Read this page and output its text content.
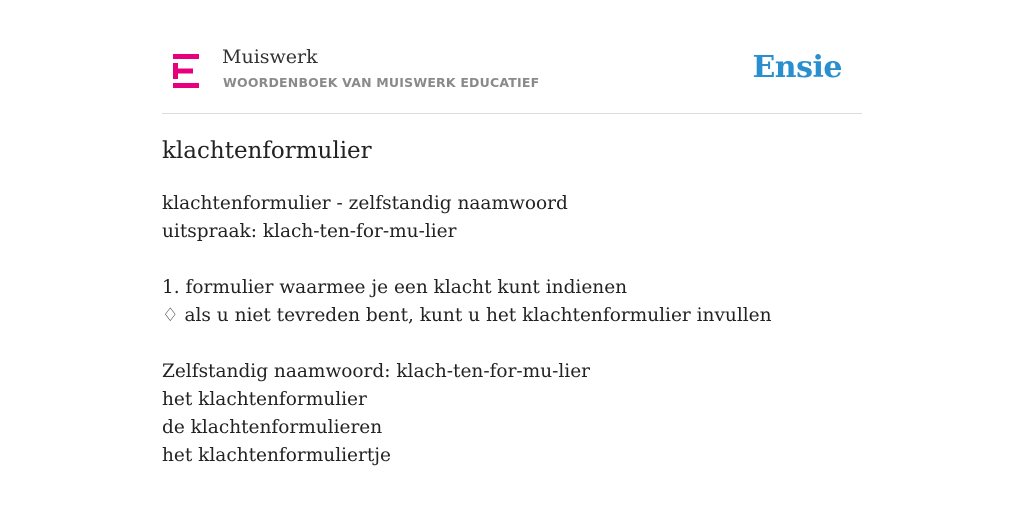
Muiswerk
WOORDENBOEK VAN MUISWERK EDUCATIEF	Ensie
klachtenformulier
klachtenformulier - zelfstandig naamwoord
uitspraak: klach-ten-for-mu-lier
1. formulier waarmee je een klacht kunt indienen
♢ als u niet tevreden bent, kunt u het klachtenformulier invullen
Zelfstandig naamwoord: klach-ten-for-mu-lier
het klachtenformulier
de klachtenformulieren
het klachtenformuliertje
